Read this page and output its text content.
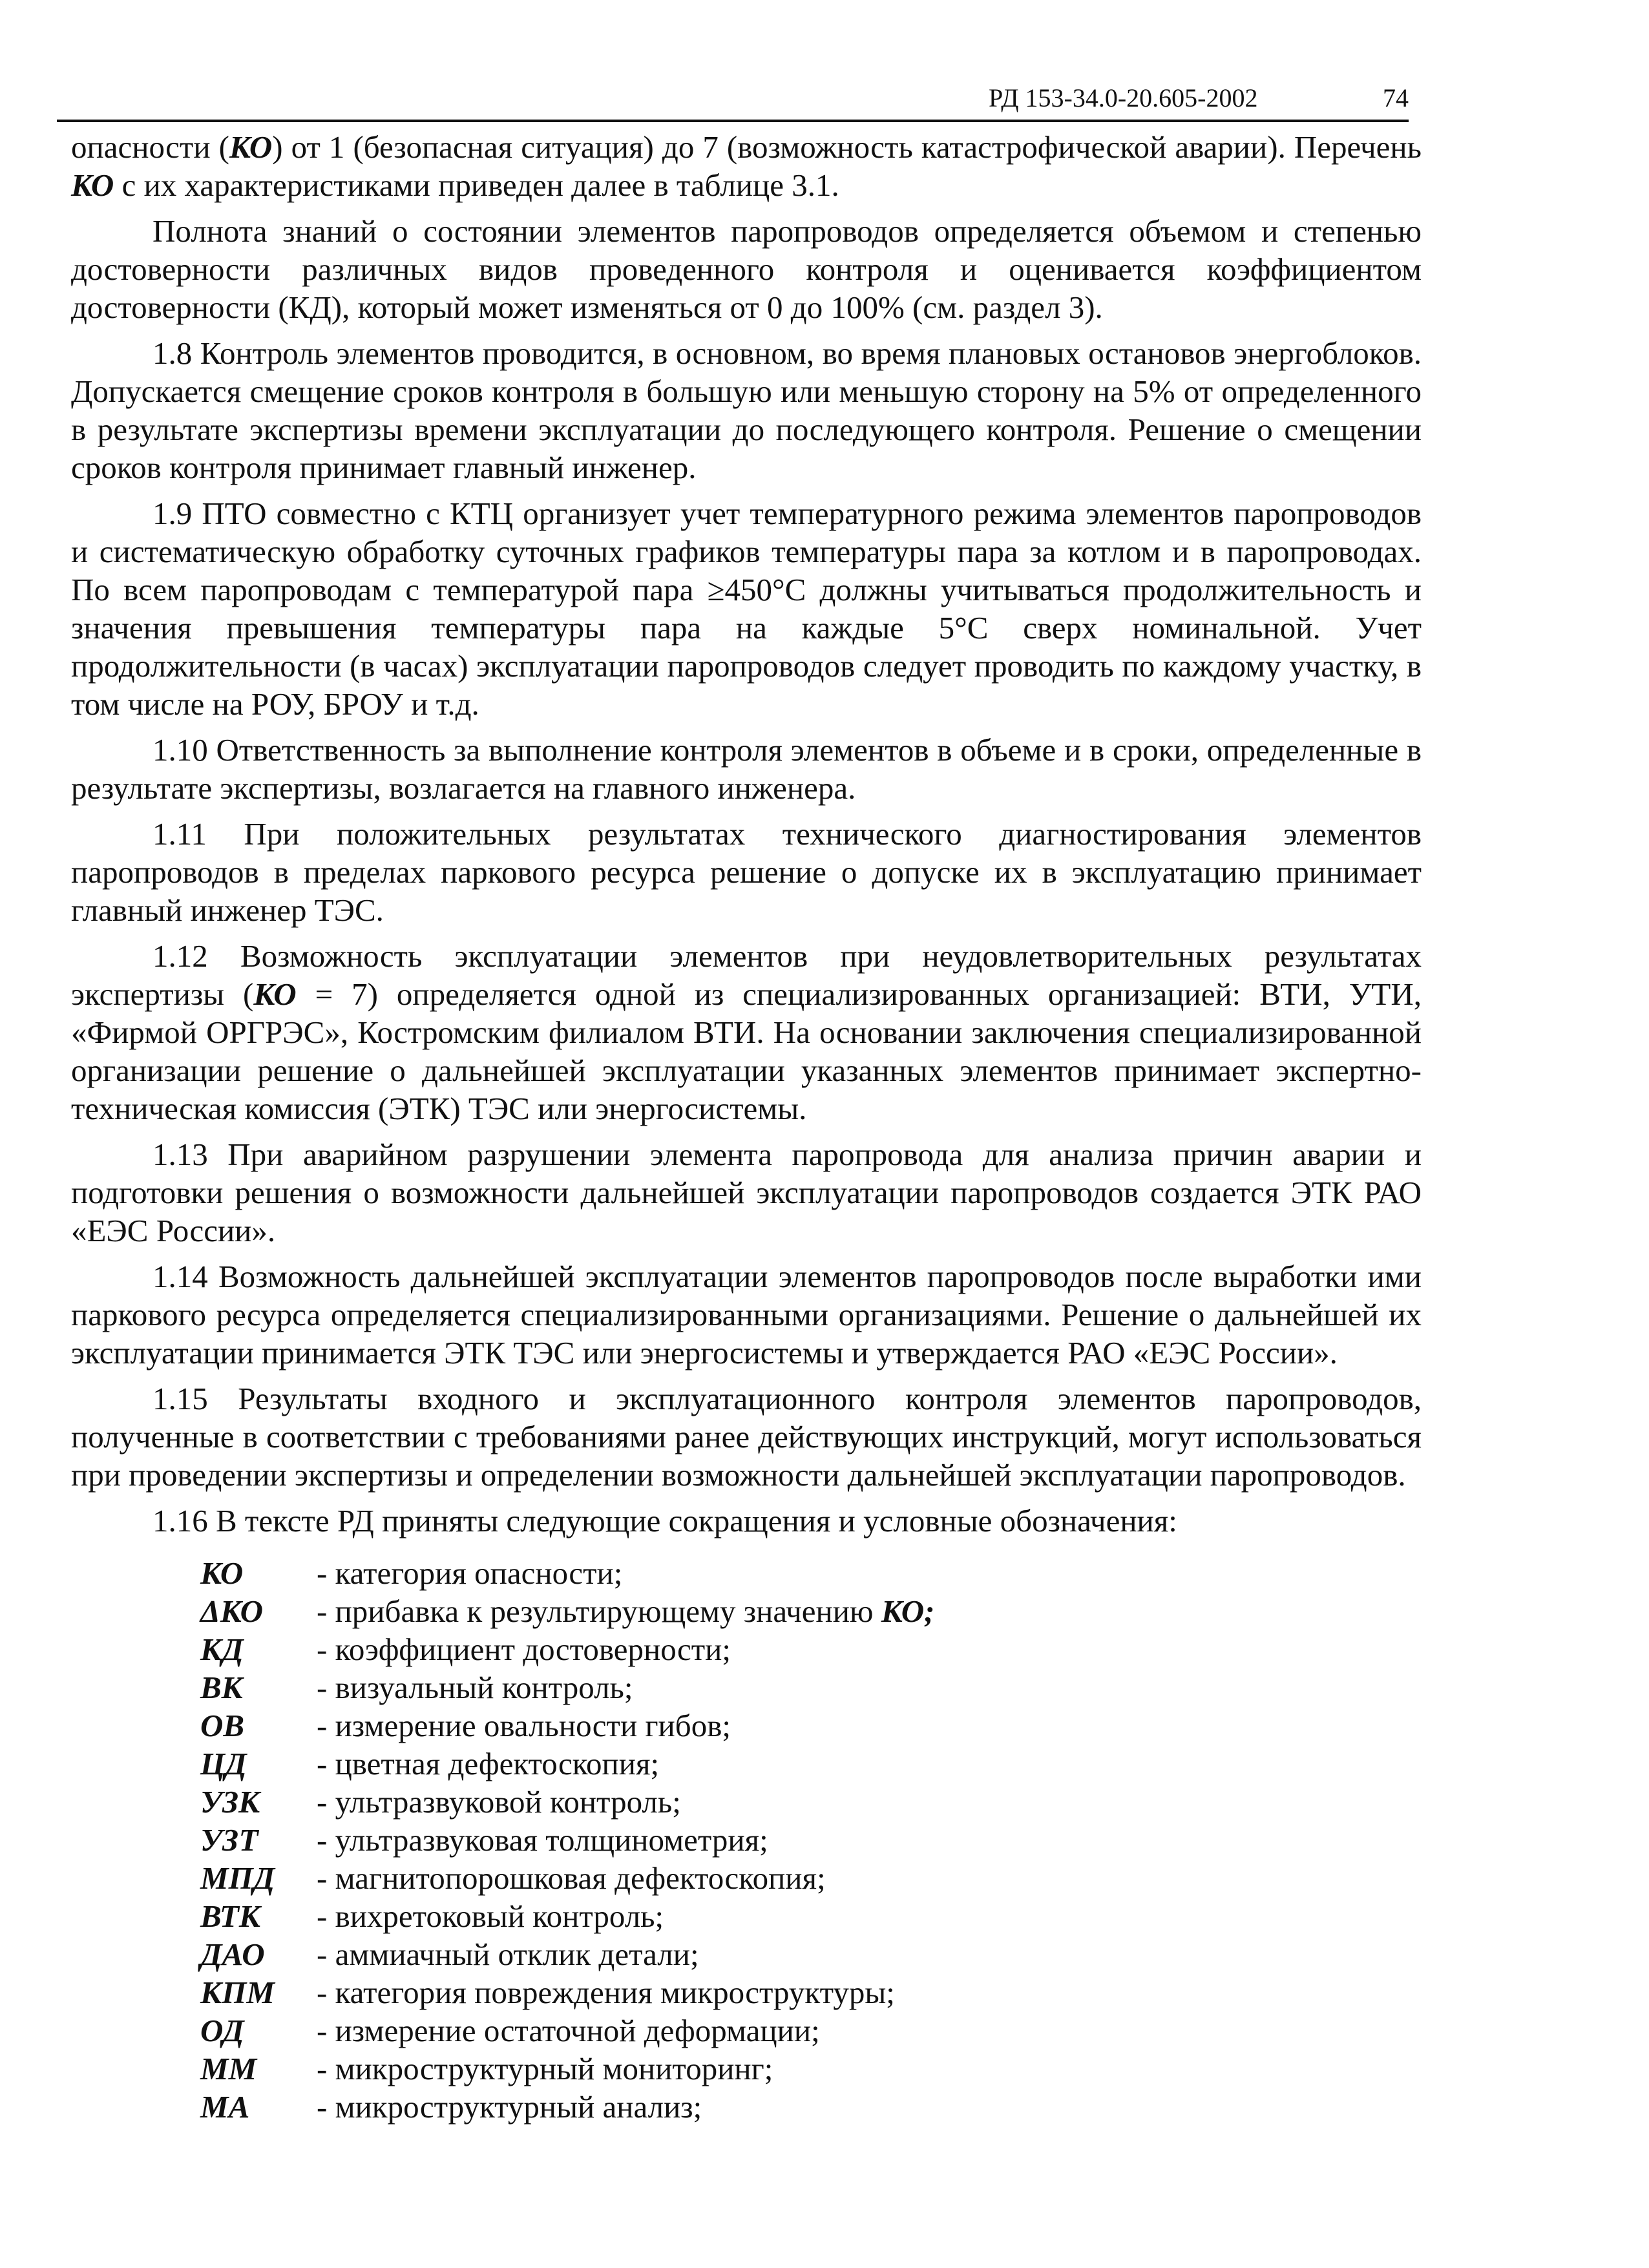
РД 153-34.0-20.605-2002	74

опасности (КО) от 1 (безопасная ситуация) до 7 (возможность катастрофической аварии). Перечень КО с их характеристиками приведен далее в таблице 3.1.

Полнота знаний о состоянии элементов паропроводов определяется объемом и степенью достоверности различных видов проведенного контроля и оценивается коэффициентом достоверности (КД), который может изменяться от 0 до 100% (см. раздел 3).

1.8 Контроль элементов проводится, в основном, во время плановых остановов энергоблоков. Допускается смещение сроков контроля в большую или меньшую сторону на 5% от определенного в результате экспертизы времени эксплуатации до последующего контроля. Решение о смещении сроков контроля принимает главный инженер.

1.9 ПТО совместно с КТЦ организует учет температурного режима элементов паропроводов и систематическую обработку суточных графиков температуры пара за котлом и в паропроводах. По всем паропроводам с температурой пара ≥450°С должны учитываться продолжительность и значения превышения температуры пара на каждые 5°С сверх номинальной. Учет продолжительности (в часах) эксплуатации паропроводов следует проводить по каждому участку, в том числе на РОУ, БРОУ и т.д.

1.10 Ответственность за выполнение контроля элементов в объеме и в сроки, определенные в результате экспертизы, возлагается на главного инженера.

1.11 При положительных результатах технического диагностирования элементов паропроводов в пределах паркового ресурса решение о допуске их в эксплуатацию принимает главный инженер ТЭС.

1.12 Возможность эксплуатации элементов при неудовлетворительных результатах экспертизы (КО = 7) определяется одной из специализированных организацией: ВТИ, УТИ, «Фирмой ОРГРЭС», Костромским филиалом ВТИ. На основании заключения специализированной организации решение о дальнейшей эксплуатации указанных элементов принимает экспертно-техническая комиссия (ЭТК) ТЭС или энергосистемы.

1.13 При аварийном разрушении элемента паропровода для анализа причин аварии и подготовки решения о возможности дальнейшей эксплуатации паропроводов создается ЭТК РАО «ЕЭС России».

1.14 Возможность дальнейшей эксплуатации элементов паропроводов после выработки ими паркового ресурса определяется специализированными организациями. Решение о дальнейшей их эксплуатации принимается ЭТК ТЭС или энергосистемы и утверждается РАО «ЕЭС России».

1.15 Результаты входного и эксплуатационного контроля элементов паропроводов, полученные в соответствии с требованиями ранее действующих инструкций, могут использоваться при проведении экспертизы и определении возможности дальнейшей эксплуатации паропроводов.

1.16 В тексте РД приняты следующие сокращения и условные обозначения:

КО	- категория опасности;
ΔКО	- прибавка к результирующему значению КО;
КД	- коэффициент достоверности;
ВК	- визуальный контроль;
ОВ	- измерение овальности гибов;
ЦД	- цветная дефектоскопия;
УЗК	- ультразвуковой контроль;
УЗТ	- ультразвуковая толщинометрия;
МПД	- магнитопорошковая дефектоскопия;
ВТК	- вихретоковый контроль;
ДАО	- аммиачный отклик детали;
КПМ	- категория повреждения микроструктуры;
ОД	- измерение остаточной деформации;
ММ	- микроструктурный мониторинг;
МА	- микроструктурный анализ;
